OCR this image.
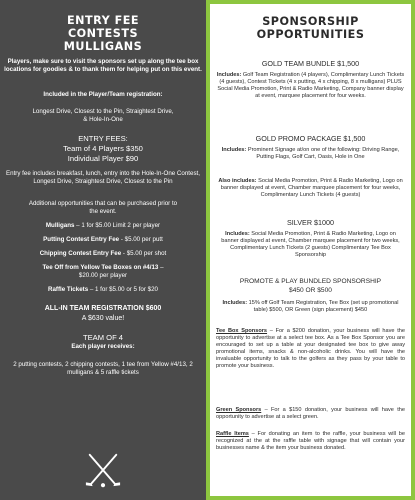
ENTRY FEE
CONTESTS
MULLIGANS
Players, make sure to visit the sponsors set up along the tee box locations for goodies & to thank them for helping put on this event.
Included in the Player/Team registration:
Longest Drive, Closest to the Pin, Straightest Drive, & Hole-In-One
ENTRY FEES:
Team of 4 Players $350
Individual Player $90
Entry fee includes breakfast, lunch, entry into the Hole-In-One Contest, Longest Drive, Straightest Drive, Closest to the Pin
Additional opportunities that can be purchased prior to the event.
Mulligans – 1 for $5.00 Limit 2 per player
Putting Contest Entry Fee - $5.00 per putt
Chipping Contest Entry Fee - $5.00 per shot
Tee Off from Yellow Tee Boxes on #4/13 –
$20.00 per player
Raffle Tickets – 1 for $5.00 or 5 for $20
ALL-IN TEAM REGISTRATION $600
A $630 value!
TEAM OF 4
Each player receives:
2 putting contests, 2 chipping contests, 1 tee from Yellow #4/13, 2 mulligans & 5 raffle tickets
SPONSORSHIP
OPPORTUNITIES
GOLD TEAM BUNDLE $1,500
Includes: Golf Team Registration (4 players), Complimentary Lunch Tickets (4 guests), Contest Tickets (4 x putting, 4 x chipping, 8 x mulligans) PLUS Social Media Promotion, Print & Radio Marketing, Company banner display at event, marquee placement for four weeks.
GOLD PROMO PACKAGE $1,500
Includes: Prominent Signage at/on one of the following: Driving Range, Putting Flags, Golf Cart, Oasis, Hole in One
Also includes: Social Media Promotion, Print & Radio Marketing, Logo on banner displayed at event, Chamber marquee placement for four weeks, Complimentary Lunch Tickets (4 guests)
SILVER $1000
Includes: Social Media Promotion, Print & Radio Marketing, Logo on banner displayed at event, Chamber marquee placement for two weeks, Complimentary Lunch Tickets (2 guests) Complimentary Tee Box Sponsorship
PROMOTE & PLAY BUNDLED SPONSORSHIP
$450 OR $500
Includes: 15% off Golf Team Registration, Tee Box (set up promotional table) $500, OR Green (sign placement) $450
Tee Box Sponsors – For a $200 donation, your business will have the opportunity to advertise at a select tee box. As a Tee Box Sponsor you are encouraged to set up a table at your designated tee box to give away promotional items, snacks & non-alcoholic drinks. You will have the invaluable opportunity to talk to the golfers as they pass by your table to promote your business.
Green Sponsors – For a $150 donation, your business will have the opportunity to advertise at a select green.
Raffle Items – For donating an item to the raffle, your business will be recognized at the at the raffle table with signage that will contain your businesses name & the item your business donated.
